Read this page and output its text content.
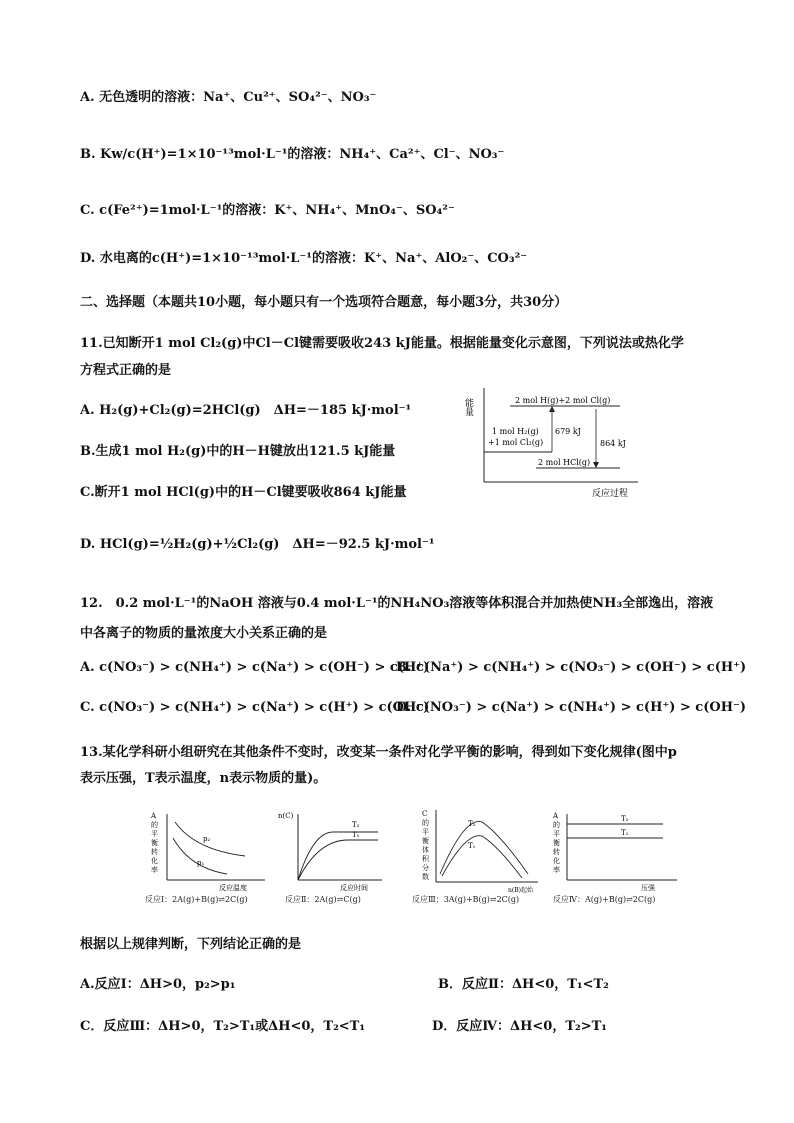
A. 无色透明的溶液：Na⁺、Cu²⁺、SO₄²⁻、NO₃⁻
B. Kw/c(H⁺)=1×10⁻¹³mol·L⁻¹的溶液：NH₄⁺、Ca²⁺、Cl⁻、NO₃⁻
C. c(Fe²⁺)=1mol·L⁻¹的溶液：K⁺、NH₄⁺、MnO₄⁻、SO₄²⁻
D. 水电离的c(H⁺)=1×10⁻¹³mol·L⁻¹的溶液：K⁺、Na⁺、AlO₂⁻、CO₃²⁻
二、选择题（本题共10小题，每小题只有一个选项符合题意，每小题3分，共30分）
11.已知断开1 mol Cl₂(g)中Cl－Cl键需要吸收243 kJ能量。根据能量变化示意图，下列说法或热化学
方程式正确的是
A. H₂(g)+Cl₂(g)=2HCl(g)　ΔH=－185 kJ·mol⁻¹
B.生成1 mol H₂(g)中的H－H键放出121.5 kJ能量
C.断开1 mol HCl(g)中的H－Cl键要吸收864 kJ能量
D. HCl(g)=½H₂(g)+½Cl₂(g)　ΔH=－92.5 kJ·mol⁻¹
能量
反应过程
2 mol H(g)+2 mol Cl(g)
1 mol H₂(g)
+1 mol Cl₂(g)
2 mol HCl(g)
679 kJ
864 kJ
12.　0.2 mol·L⁻¹的NaOH 溶液与0.4 mol·L⁻¹的NH₄NO₃溶液等体积混合并加热使NH₃全部逸出，溶液
中各离子的物质的量浓度大小关系正确的是
A. c(NO₃⁻) > c(NH₄⁺) > c(Na⁺) > c(OH⁻) > c(H⁺)
B. c(Na⁺) > c(NH₄⁺) > c(NO₃⁻) > c(OH⁻) > c(H⁺)
C. c(NO₃⁻) > c(NH₄⁺) > c(Na⁺) > c(H⁺) > c(OH⁻)
D. c(NO₃⁻) > c(Na⁺) > c(NH₄⁺) > c(H⁺) > c(OH⁻)
13.某化学科研小组研究在其他条件不变时，改变某一条件对化学平衡的影响，得到如下变化规律(图中p
表示压强，T表示温度，n表示物质的量)。
A
的
平
衡
转
化
率
p₂
p₁
反应温度
反应Ⅰ：2A(g)+B(g)⇌2C(g)
n(C)
T₂
T₁
反应时间
反应Ⅱ：2A(g)⇌C(g)
C
的
平
衡
体
积
分
数
T₂
T₁
n(B)起始
反应Ⅲ：3A(g)+B(g)⇌2C(g)
A
的
平
衡
转
化
率
T₂
T₁
压强
反应Ⅳ：A(g)+B(g)⇌2C(g)
根据以上规律判断，下列结论正确的是
A.反应Ⅰ：ΔH>0，p₂>p₁	B．反应Ⅱ：ΔH<0，T₁<T₂
C．反应Ⅲ：ΔH>0，T₂>T₁或ΔH<0，T₂<T₁	D．反应Ⅳ：ΔH<0，T₂>T₁
